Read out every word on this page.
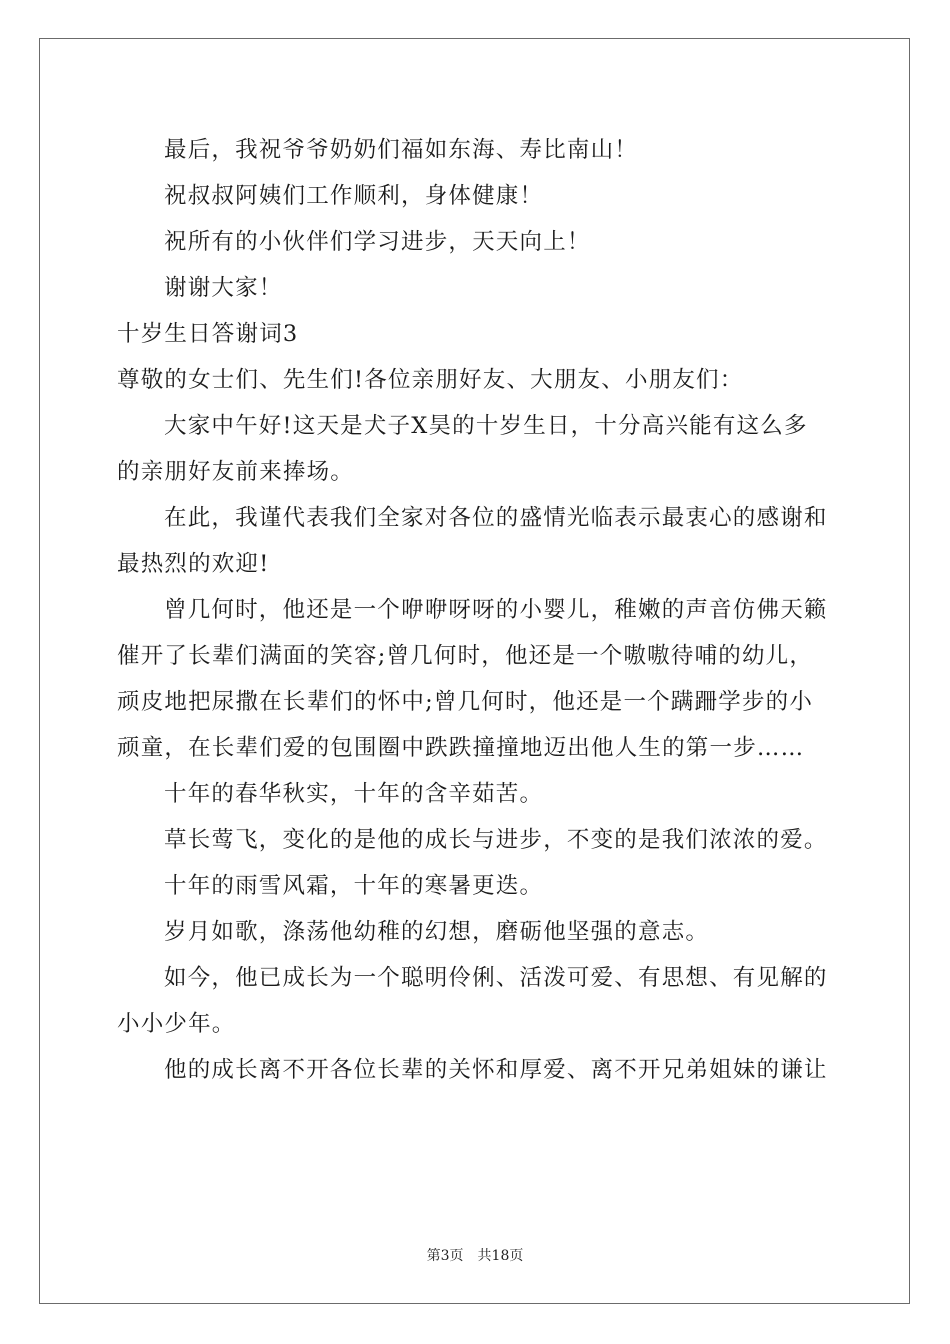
最后，我祝爷爷奶奶们福如东海、寿比南山！
祝叔叔阿姨们工作顺利，身体健康！
祝所有的小伙伴们学习进步，天天向上！
谢谢大家！
十岁生日答谢词3
尊敬的女士们、先生们!各位亲朋好友、大朋友、小朋友们：
大家中午好!这天是犬子X昊的十岁生日，十分高兴能有这么多
的亲朋好友前来捧场。
在此，我谨代表我们全家对各位的盛情光临表示最衷心的感谢和
最热烈的欢迎!
曾几何时，他还是一个咿咿呀呀的小婴儿，稚嫩的声音仿佛天籁
催开了长辈们满面的笑容;曾几何时，他还是一个嗷嗷待哺的幼儿，
顽皮地把尿撒在长辈们的怀中;曾几何时，他还是一个蹒跚学步的小
顽童，在长辈们爱的包围圈中跌跌撞撞地迈出他人生的第一步……
十年的春华秋实，十年的含辛茹苦。
草长莺飞，变化的是他的成长与进步，不变的是我们浓浓的爱。
十年的雨雪风霜，十年的寒暑更迭。
岁月如歌，涤荡他幼稚的幻想，磨砺他坚强的意志。
如今，他已成长为一个聪明伶俐、活泼可爱、有思想、有见解的
小小少年。
他的成长离不开各位长辈的关怀和厚爱、离不开兄弟姐妹的谦让
第3页　共18页
